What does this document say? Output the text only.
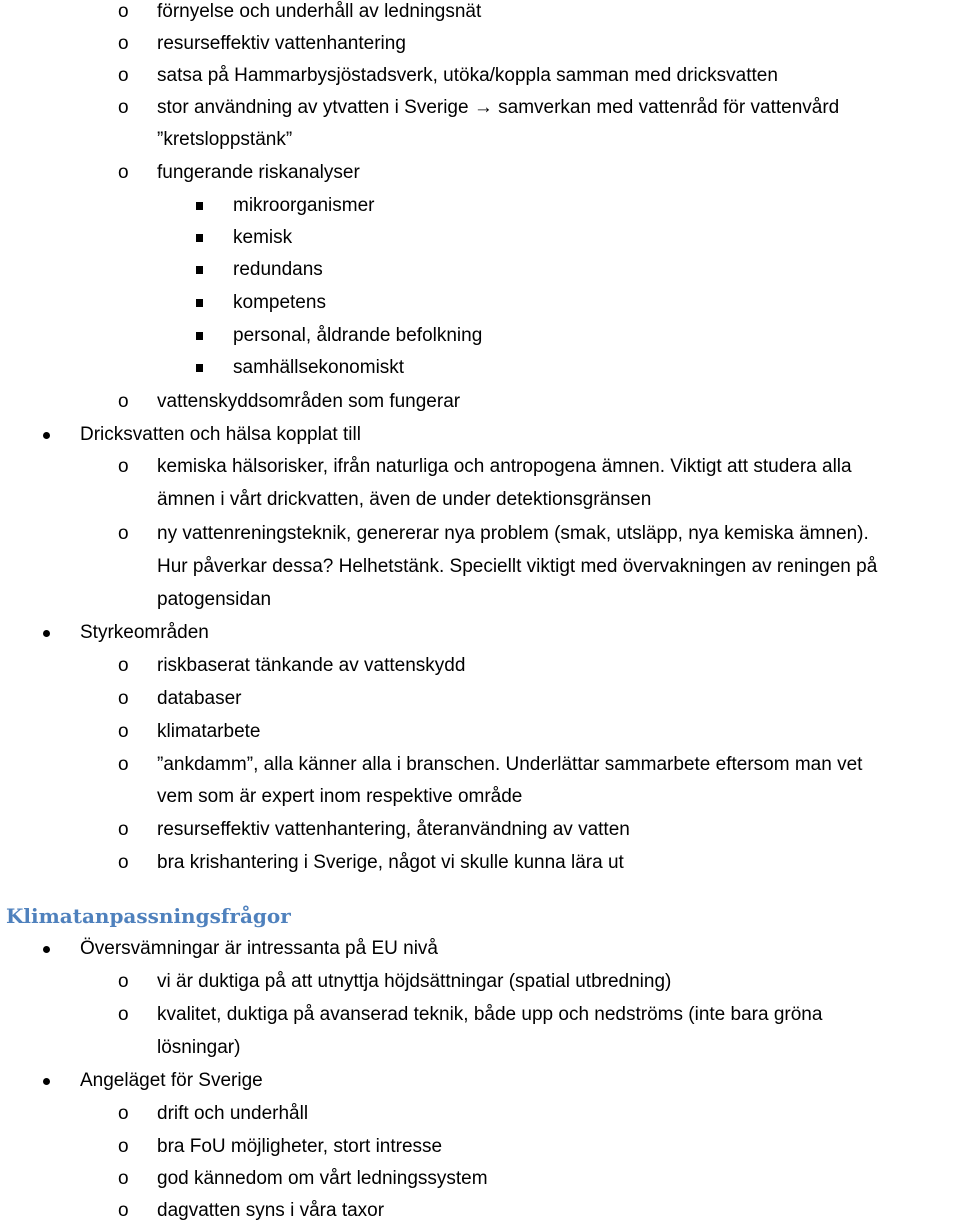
o förnyelse och underhåll av ledningsnät
o resurseffektiv vattenhantering
o satsa på Hammarbysjöstadsverk, utöka/koppla samman med dricksvatten
o stor användning av ytvatten i Sverige → samverkan med vattenråd för vattenvård
”kretsloppstänk”
o fungerande riskanalyser
mikroorganismer
kemisk
redundans
kompetens
personal, åldrande befolkning
samhällsekonomiskt
o vattenskyddsområden som fungerar
Dricksvatten och hälsa kopplat till
o kemiska hälsorisker, ifrån naturliga och antropogena ämnen. Viktigt att studera alla
ämnen i vårt drickvatten, även de under detektionsgränsen
o ny vattenreningsteknik, genererar nya problem (smak, utsläpp, nya kemiska ämnen).
Hur påverkar dessa? Helhetstänk. Speciellt viktigt med övervakningen av reningen på
patogensidan
Styrkeområden
o riskbaserat tänkande av vattenskydd
o databaser
o klimatarbete
o ”ankdamm”, alla känner alla i branschen. Underlättar sammarbete eftersom man vet
vem som är expert inom respektive område
o resurseffektiv vattenhantering, återanvändning av vatten
o bra krishantering i Sverige, något vi skulle kunna lära ut
Klimatanpassningsfrågor
Översvämningar är intressanta på EU nivå
o vi är duktiga på att utnyttja höjdsättningar (spatial utbredning)
o kvalitet, duktiga på avanserad teknik, både upp och nedströms (inte bara gröna
lösningar)
Angeläget för Sverige
o drift och underhåll
o bra FoU möjligheter, stort intresse
o god kännedom om vårt ledningssystem
o dagvatten syns i våra taxor
